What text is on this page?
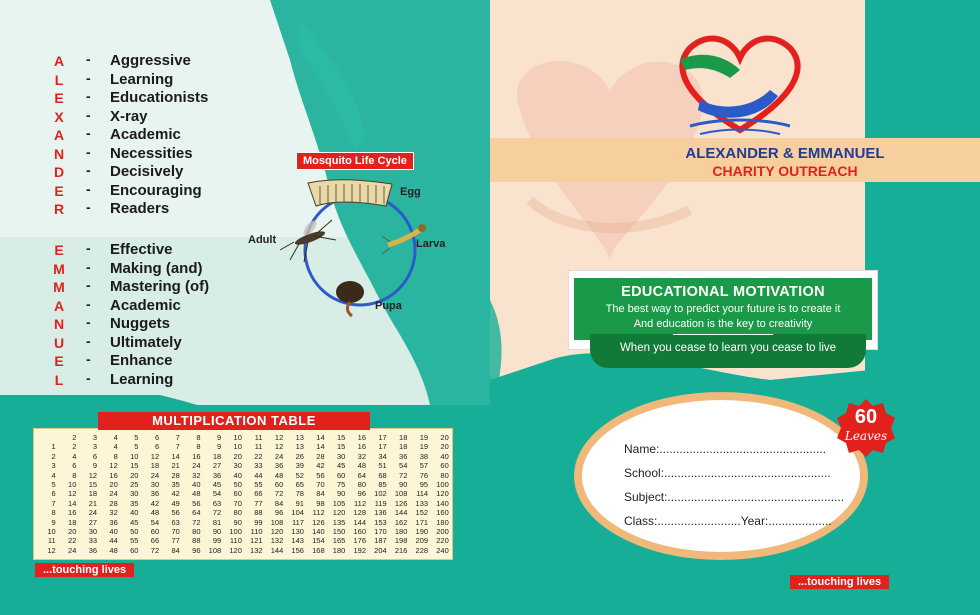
A - Aggressive
L - Learning
E - Educationists
X - X-ray
A - Academic
N - Necessities
D - Decisively
E - Encouraging
R - Readers
E - Effective
M - Making (and)
M - Mastering (of)
A - Academic
N - Nuggets
U - Ultimately
E - Enhance
L - Learning
Mosquito Life Cycle
Egg
Larva
Pupa
Adult
	2	3	4	5	6	7	8	9	10	11	12	13	14	15	16	17	18	19	20
1	2	3	4	5	6	7	8	9	10	11	12	13	14	15	16	17	18	19	20
2	4	6	8	10	12	14	16	18	20	22	24	26	28	30	32	34	36	38	40
3	6	9	12	15	18	21	24	27	30	33	36	39	42	45	48	51	54	57	60
4	8	12	16	20	24	28	32	36	40	44	48	52	56	60	64	68	72	76	80
5	10	15	20	25	30	35	40	45	50	55	60	65	70	75	80	85	90	95	100
6	12	18	24	30	36	42	48	54	60	66	72	78	84	90	96	102	108	114	120
7	14	21	28	35	42	49	56	63	70	77	84	91	98	105	112	119	126	133	140
8	16	24	32	40	48	56	64	72	80	88	96	104	112	120	128	136	144	152	160
9	18	27	36	45	54	63	72	81	90	99	108	117	126	135	144	153	162	171	180
10	20	30	40	50	60	70	80	90	100	110	120	130	140	150	160	170	180	190	200
11	22	33	44	55	66	77	88	99	110	121	132	143	154	165	176	187	198	209	220
12	24	36	48	60	72	84	96	108	120	132	144	156	168	180	192	204	216	228	240
MULTIPLICATION TABLE
...touching lives
ALEXANDER & EMMANUEL
CHARITY OUTREACH
EDUCATIONAL MOTIVATION
The best way to predict your future is to create it
And education is the key to creativity
When you cease to learn you cease to live
Name:..................................................
School:..................................................
Subject:.....................................................
Class:.........................Year:...................
...touching lives
60
Leaves
